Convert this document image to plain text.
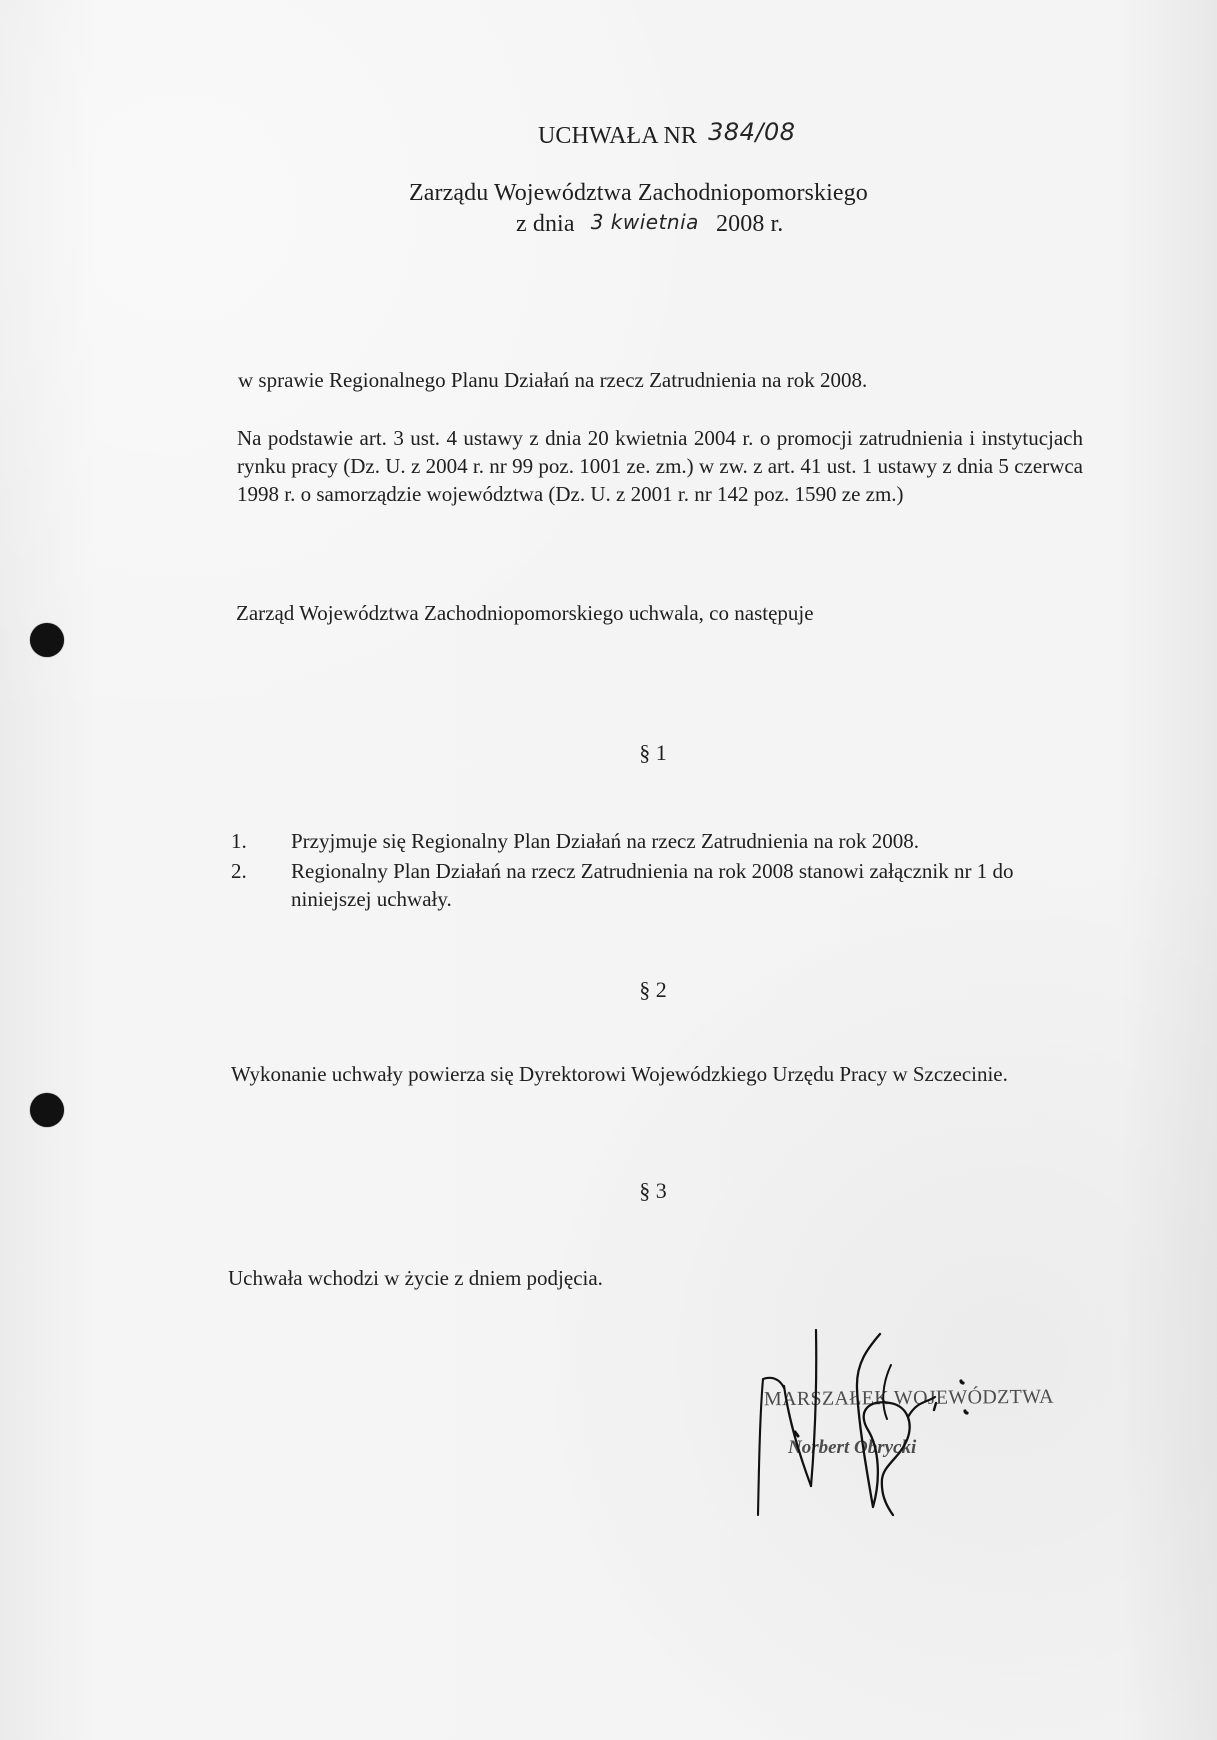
UCHWAŁA NR 384/08
Zarządu Województwa Zachodniopomorskiego
z dnia 3 kwietnia 2008 r.
w sprawie Regionalnego Planu Działań na rzecz Zatrudnienia na rok 2008.
Na podstawie art. 3 ust. 4 ustawy z dnia 20 kwietnia 2004 r. o promocji zatrudnienia i instytucjach rynku pracy (Dz. U. z 2004 r. nr 99 poz. 1001 ze. zm.) w zw. z art. 41 ust. 1 ustawy z dnia 5 czerwca 1998 r. o samorządzie województwa (Dz. U. z 2001 r. nr 142 poz. 1590 ze zm.)
Zarząd Województwa Zachodniopomorskiego uchwala, co następuje
§ 1
1. Przyjmuje się Regionalny Plan Działań na rzecz Zatrudnienia na rok 2008.
2. Regionalny Plan Działań na rzecz Zatrudnienia na rok 2008 stanowi załącznik nr 1 do niniejszej uchwały.
§ 2
Wykonanie uchwały powierza się Dyrektorowi Wojewódzkiego Urzędu Pracy w Szczecinie.
§ 3
Uchwała wchodzi w życie z dniem podjęcia.
MARSZAŁEK WOJEWÓDZTWA
Norbert Obrycki
